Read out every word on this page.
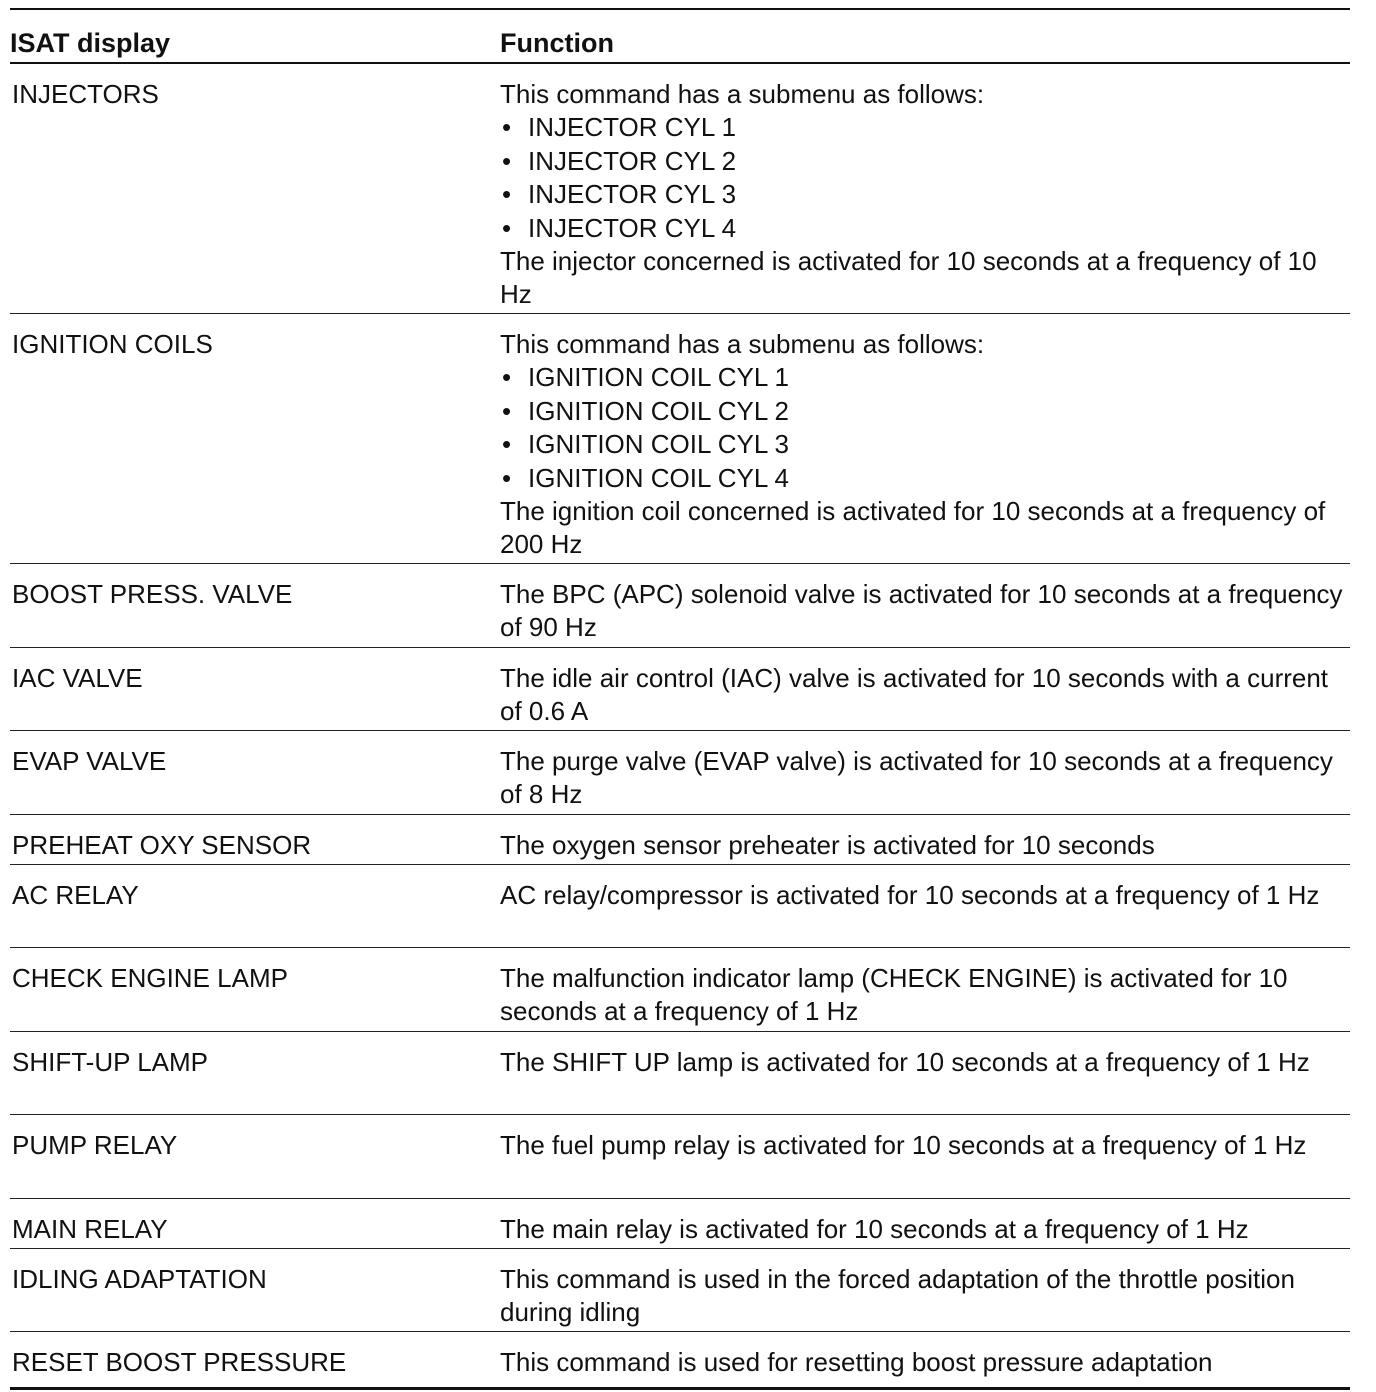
ISAT display	Function
INJECTORS	This command has a submenu as follows:

• INJECTOR CYL 1
• INJECTOR CYL 2
• INJECTOR CYL 3
• INJECTOR CYL 4

The injector concerned is activated for 10 seconds at a frequency of 10 Hz

IGNITION COILS	This command has a submenu as follows:

• IGNITION COIL CYL 1
• IGNITION COIL CYL 2
• IGNITION COIL CYL 3
• IGNITION COIL CYL 4

The ignition coil concerned is activated for 10 seconds at a frequency of 200 Hz

BOOST PRESS. VALVE	The BPC (APC) solenoid valve is activated for 10 seconds at a frequency of 90 Hz
IAC VALVE	The idle air control (IAC) valve is activated for 10 seconds with a current of 0.6 A
EVAP VALVE	The purge valve (EVAP valve) is activated for 10 seconds at a frequency of 8 Hz
PREHEAT OXY SENSOR	The oxygen sensor preheater is activated for 10 seconds
AC RELAY	AC relay/compressor is activated for 10 seconds at a frequency of 1 Hz
CHECK ENGINE LAMP	The malfunction indicator lamp (CHECK ENGINE) is activated for 10 seconds at a frequency of 1 Hz
SHIFT-UP LAMP	The SHIFT UP lamp is activated for 10 seconds at a frequency of 1 Hz
PUMP RELAY	The fuel pump relay is activated for 10 seconds at a frequency of 1 Hz
MAIN RELAY	The main relay is activated for 10 seconds at a frequency of 1 Hz
IDLING ADAPTATION	This command is used in the forced adaptation of the throttle position during idling
RESET BOOST PRESSURE	This command is used for resetting boost pressure adaptation
